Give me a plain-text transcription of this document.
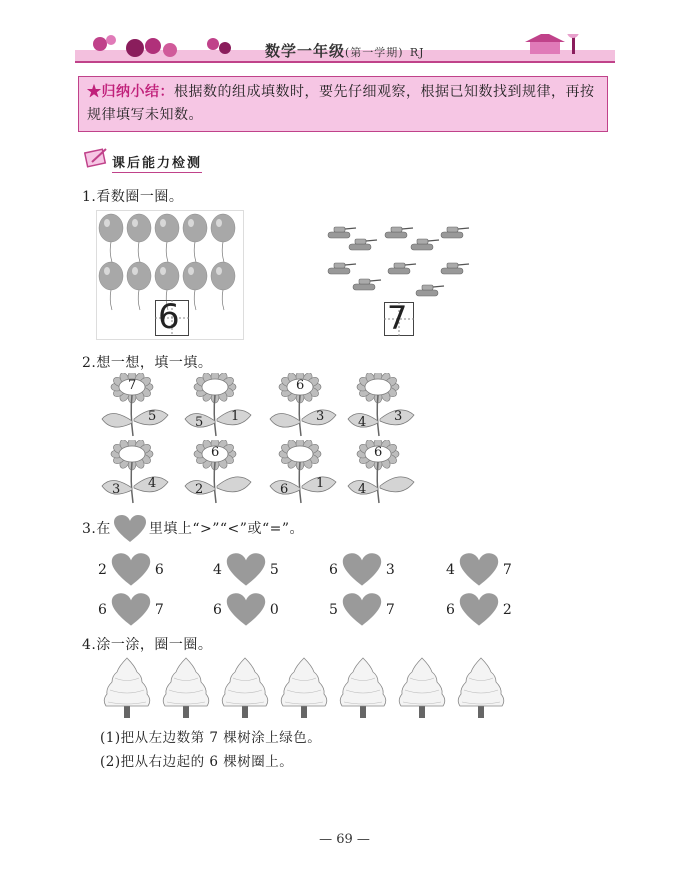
数学一年级(第一学期) RJ
★归纳小结：根据数的组成填数时，要先仔细观察，根据已知数找到规律，再按规律填写未知数。
课后能力检测
1.看数圈一圈。
6	7
2.想一想，填一填。
7
5	5 1
6
3	4 3
3 4
6
2	6 1
6
4
3.在	里填上“>”“<”或“=”。
2	6	4	5	6	3	4	7
6	7	6	0	5	7	6	2
4.涂一涂，圈一圈。
(1)把从左边数第 7 棵树涂上绿色。
(2)把从右边起的 6 棵树圈上。
— 69 —
